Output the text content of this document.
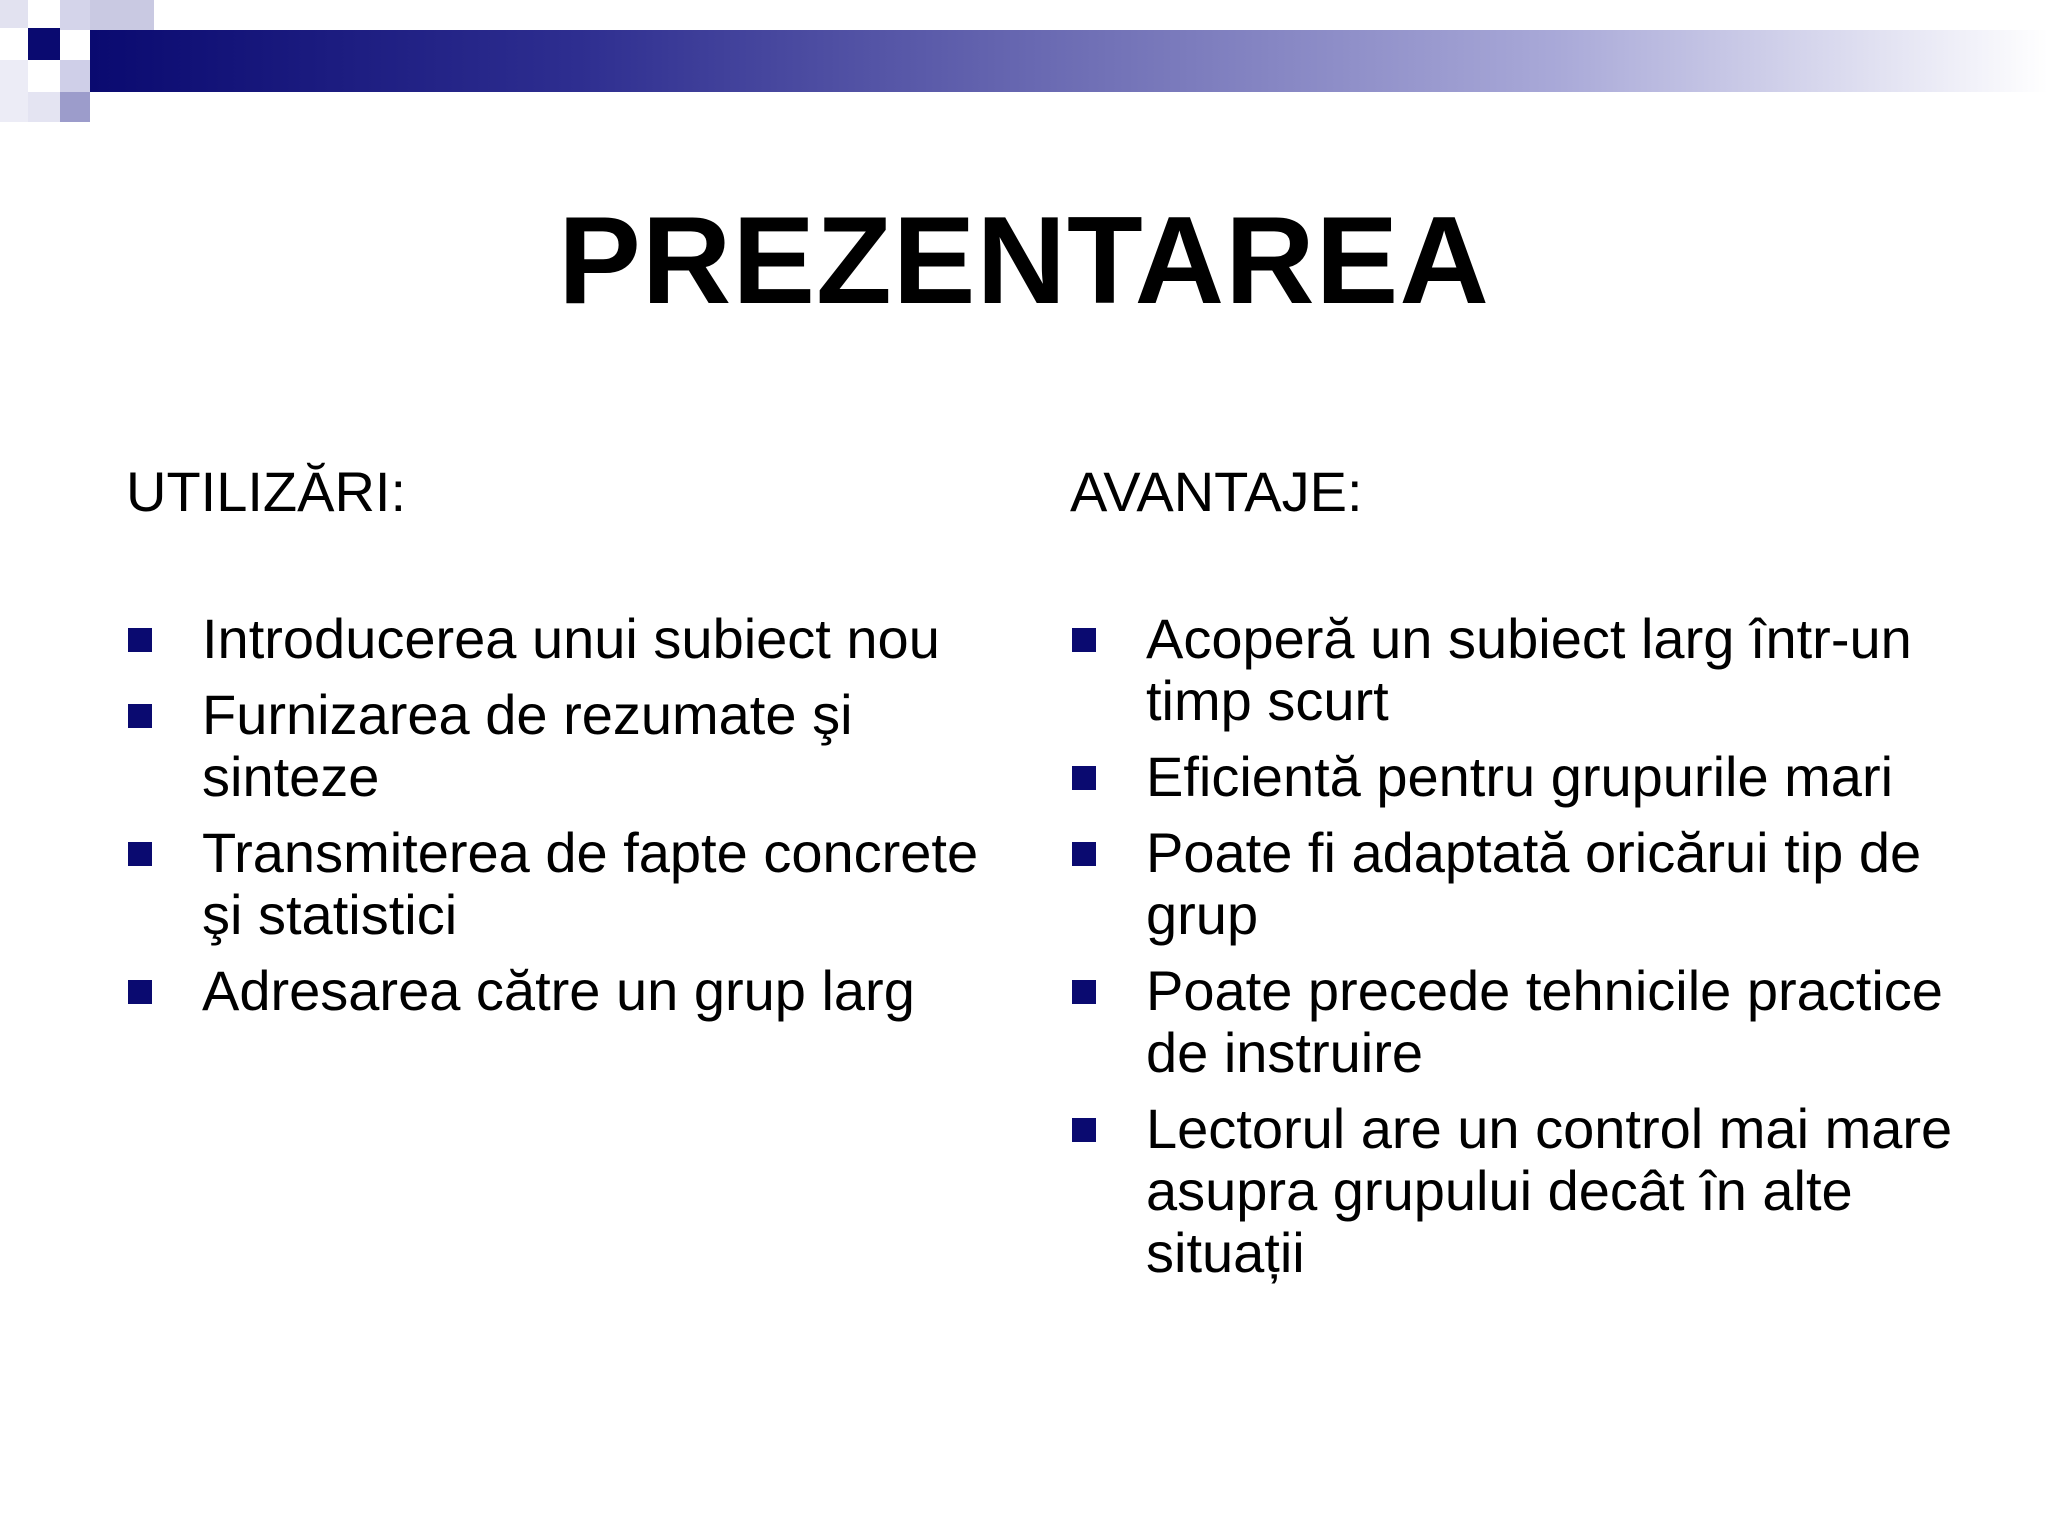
PREZENTAREA

UTILIZĂRI:

Introducerea unui subiect nou
Furnizarea de rezumate şi sinteze
Transmiterea de fapte concrete şi statistici
Adresarea către un grup larg

AVANTAJE:

Acoperă un subiect larg într-un timp scurt
Eficientă pentru grupurile mari
Poate fi adaptată oricărui tip de grup
Poate precede tehnicile practice de instruire
Lectorul are un control mai mare asupra grupului decât în alte situații
